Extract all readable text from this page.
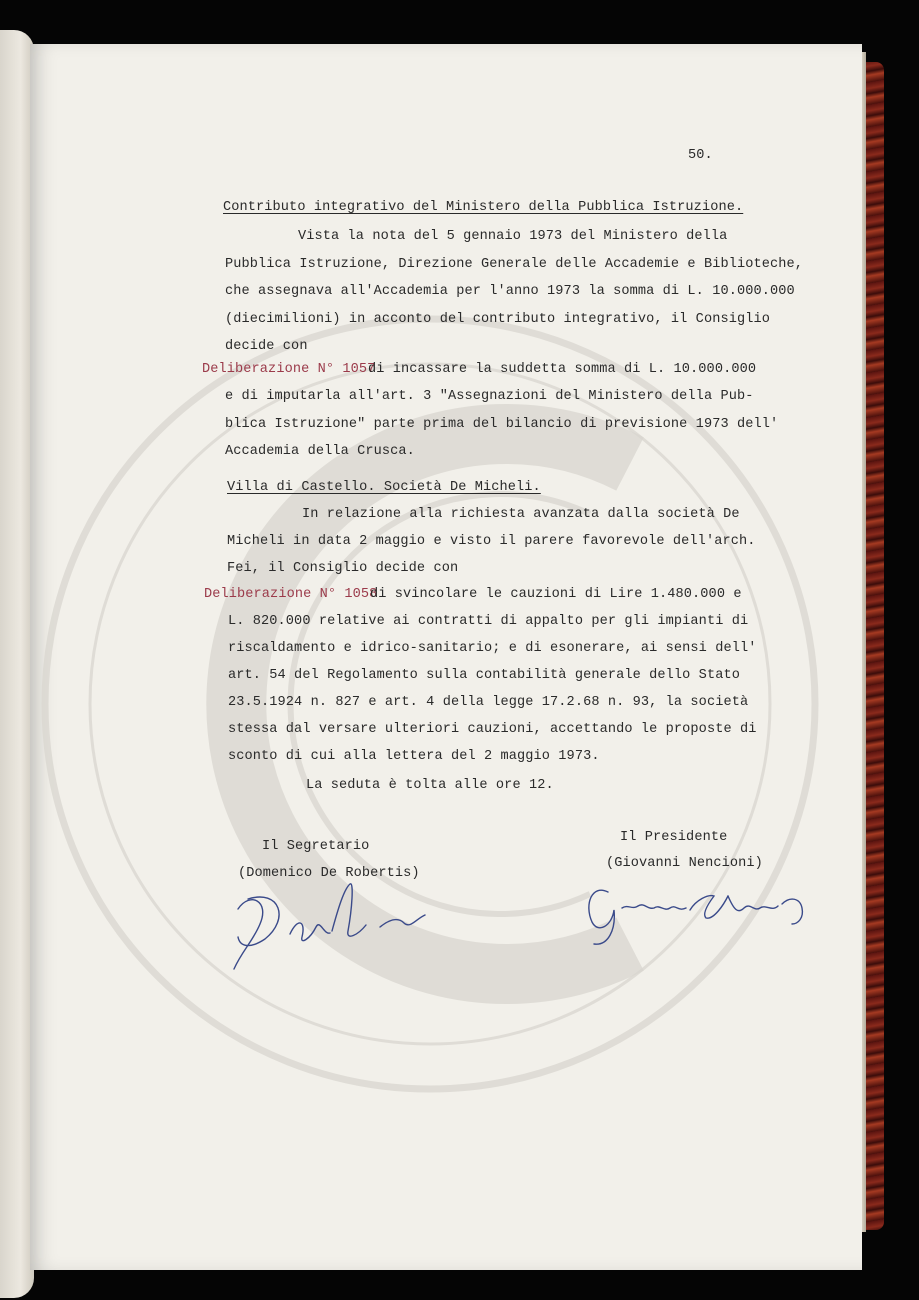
50.
Contributo integrativo del Ministero della Pubblica Istruzione.
Vista la nota del 5 gennaio 1973 del Ministero della
Pubblica Istruzione, Direzione Generale delle Accademie e Biblioteche,
che assegnava all'Accademia per l'anno 1973 la somma di L. 10.000.000
(diecimilioni) in acconto del contributo integrativo, il Consiglio
decide con
Deliberazione N° 1057
di incassare la suddetta somma di L. 10.000.000
e di imputarla all'art. 3 "Assegnazioni del Ministero della Pub-
blica Istruzione" parte prima del bilancio di previsione 1973 dell'
Accademia della Crusca.
Villa di Castello. Società De Micheli.
In relazione alla richiesta avanzata dalla società De
Micheli in data 2 maggio e visto il parere favorevole dell'arch.
Fei, il Consiglio decide con
Deliberazione N° 1058
di svincolare le cauzioni di Lire 1.480.000 e
L. 820.000 relative ai contratti di appalto per gli impianti di
riscaldamento e idrico-sanitario; e di esonerare, ai sensi dell'
art. 54 del Regolamento sulla contabilità generale dello Stato
23.5.1924 n. 827 e art. 4 della legge 17.2.68 n. 93, la società
stessa dal versare ulteriori cauzioni, accettando le proposte di
sconto di cui alla lettera del 2 maggio 1973.
La seduta è tolta alle ore 12.
Il Segretario
(Domenico De Robertis)
Il Presidente
(Giovanni Nencioni)
